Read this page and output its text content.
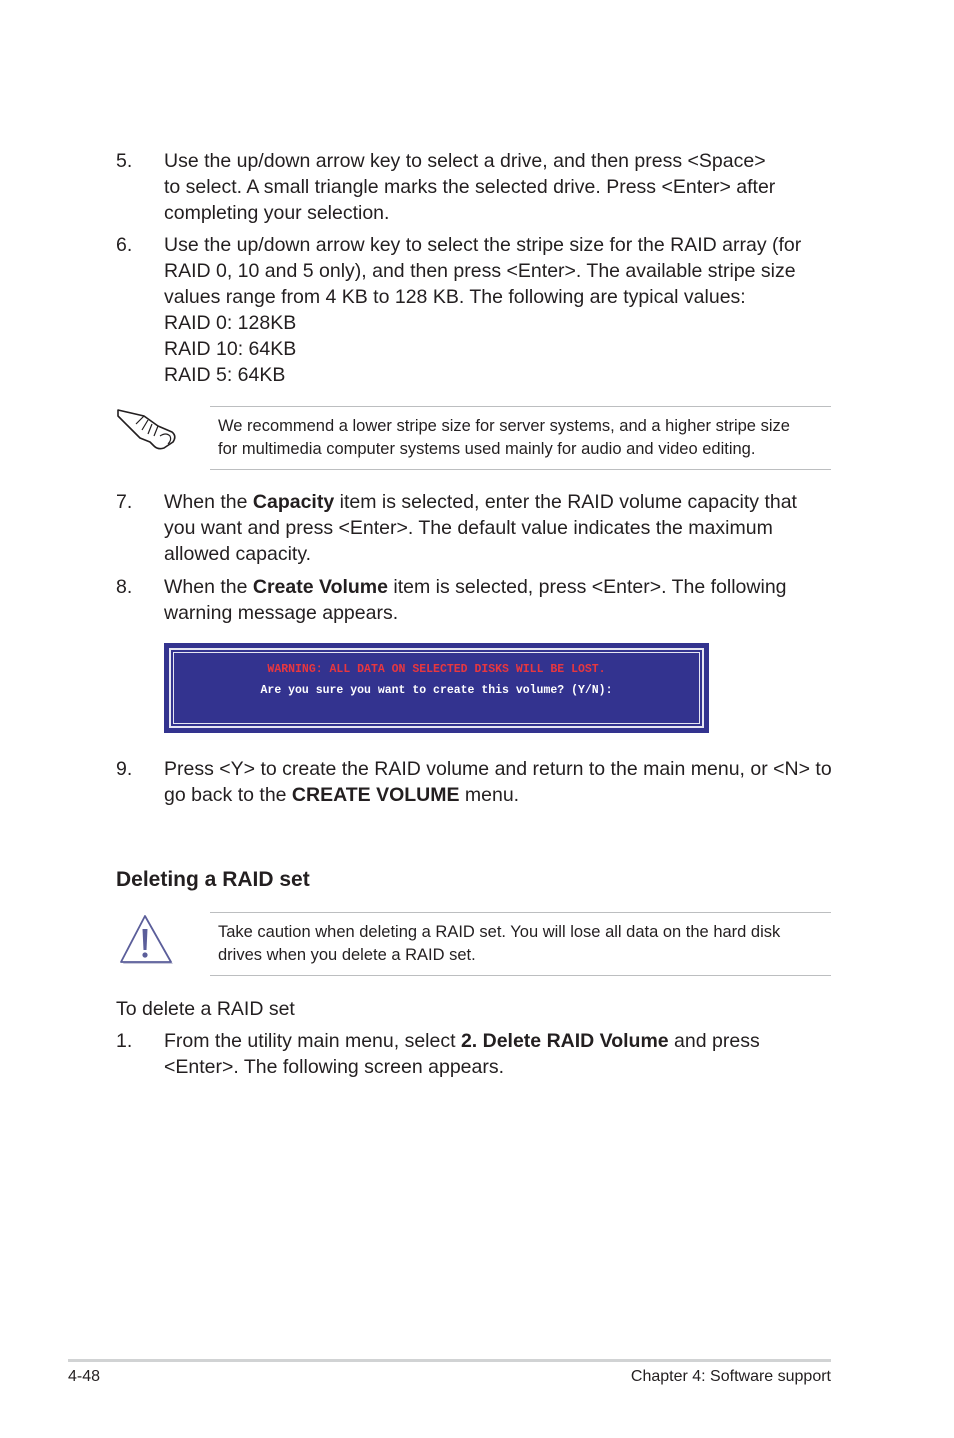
5. Use the up/down arrow key to select a drive, and then press <Space>
to select. A small triangle marks the selected drive. Press <Enter> after
completing your selection.
6. Use the up/down arrow key to select the stripe size for the RAID array (for
RAID 0, 10 and 5 only), and then press <Enter>. The available stripe size
values range from 4 KB to 128 KB. The following are typical values:
RAID 0: 128KB
RAID 10: 64KB
RAID 5: 64KB
We recommend a lower stripe size for server systems, and a higher stripe size
for multimedia computer systems used mainly for audio and video editing.
7. When the Capacity item is selected, enter the RAID volume capacity that
you want and press <Enter>. The default value indicates the maximum
allowed capacity.
8. When the Create Volume item is selected, press <Enter>. The following
warning message appears.
WARNING: ALL DATA ON SELECTED DISKS WILL BE LOST.
Are you sure you want to create this volume? (Y/N):
9. Press <Y> to create the RAID volume and return to the main menu, or <N> to
go back to the CREATE VOLUME menu.
Deleting a RAID set
Take caution when deleting a RAID set. You will lose all data on the hard disk
drives when you delete a RAID set.
To delete a RAID set
1. From the utility main menu, select 2. Delete RAID Volume and press
<Enter>. The following screen appears.
4-48	Chapter 4: Software support
